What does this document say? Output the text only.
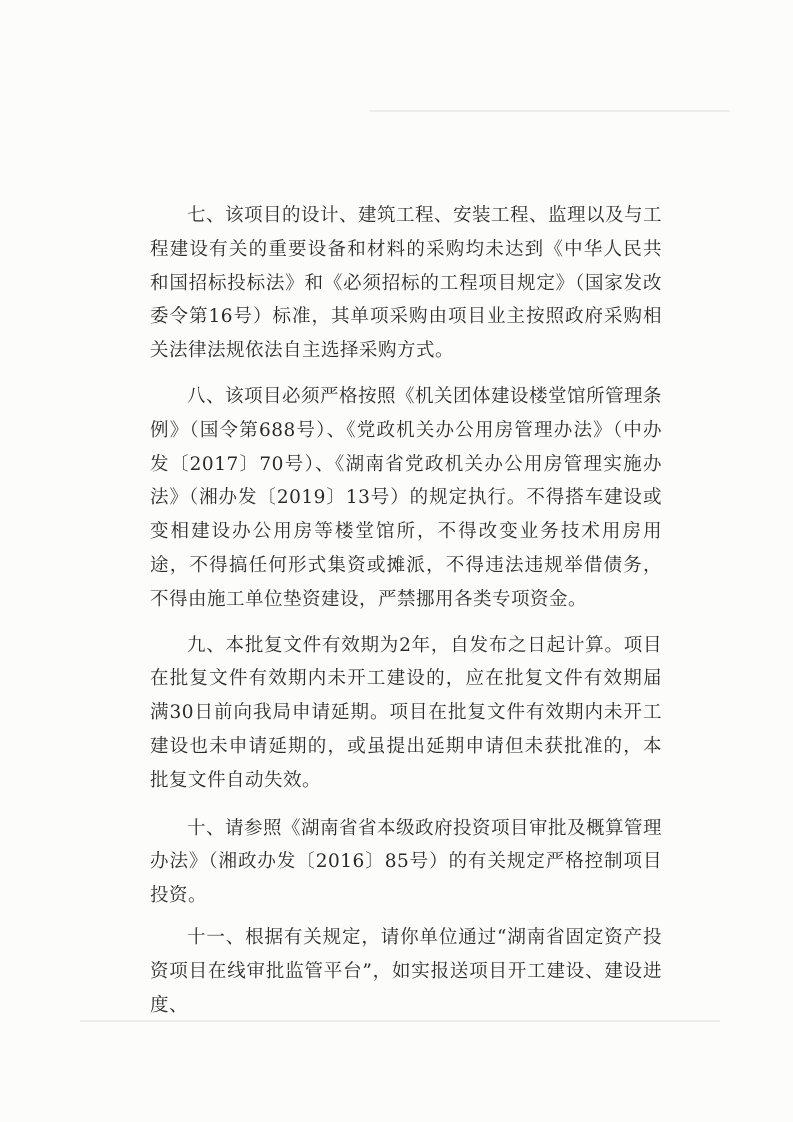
七、该项目的设计、建筑工程、安装工程、监理以及与工程建设有关的重要设备和材料的采购均未达到《中华人民共和国招标投标法》和《必须招标的工程项目规定》（国家发改委令第16号）标准，其单项采购由项目业主按照政府采购相关法律法规依法自主选择采购方式。

八、该项目必须严格按照《机关团体建设楼堂馆所管理条例》（国令第688号）、《党政机关办公用房管理办法》（中办发〔2017〕70号）、《湖南省党政机关办公用房管理实施办法》（湘办发〔2019〕13号）的规定执行。不得搭车建设或变相建设办公用房等楼堂馆所，不得改变业务技术用房用途，不得搞任何形式集资或摊派，不得违法违规举借债务，不得由施工单位垫资建设，严禁挪用各类专项资金。

九、本批复文件有效期为2年，自发布之日起计算。项目在批复文件有效期内未开工建设的，应在批复文件有效期届满30日前向我局申请延期。项目在批复文件有效期内未开工建设也未申请延期的，或虽提出延期申请但未获批准的，本批复文件自动失效。

十、请参照《湖南省省本级政府投资项目审批及概算管理办法》（湘政办发〔2016〕85号）的有关规定严格控制项目投资。

十一、根据有关规定，请你单位通过“湖南省固定资产投资项目在线审批监管平台”，如实报送项目开工建设、建设进度、
